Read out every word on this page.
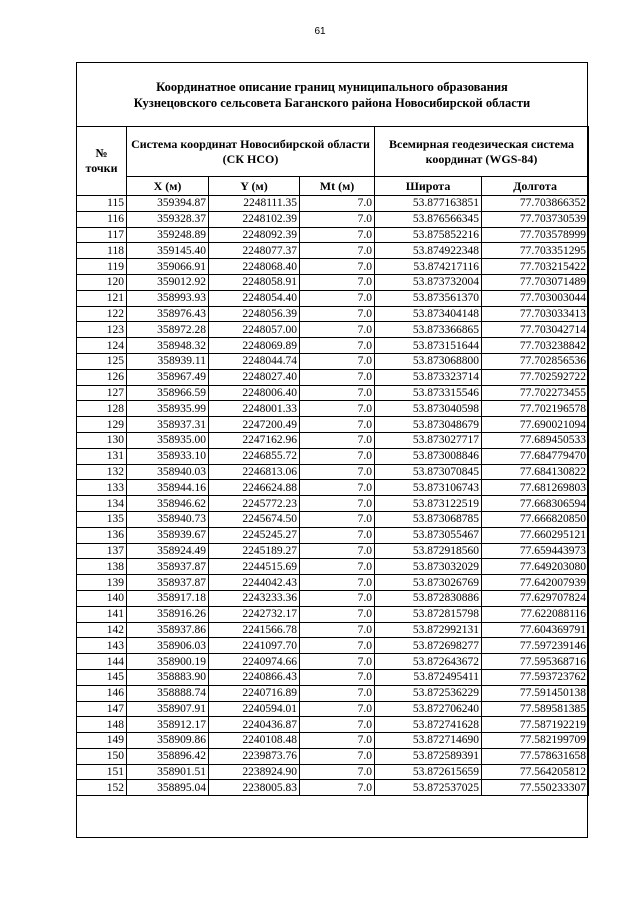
61
Координатное описание границ муниципального образования
Кузнецовского сельсовета Баганского района Новосибирской области
№ точки	Система координат Новосибирской области (СК НСО)			Всемирная геодезическая система координат (WGS-84)	
	X (м)	Y (м)	Mt (м)	Широта	Долгота
115	359394.87	2248111.35	7.0	53.877163851	77.703866352
116	359328.37	2248102.39	7.0	53.876566345	77.703730539
117	359248.89	2248092.39	7.0	53.875852216	77.703578999
118	359145.40	2248077.37	7.0	53.874922348	77.703351295
119	359066.91	2248068.40	7.0	53.874217116	77.703215422
120	359012.92	2248058.91	7.0	53.873732004	77.703071489
121	358993.93	2248054.40	7.0	53.873561370	77.703003044
122	358976.43	2248056.39	7.0	53.873404148	77.703033413
123	358972.28	2248057.00	7.0	53.873366865	77.703042714
124	358948.32	2248069.89	7.0	53.873151644	77.703238842
125	358939.11	2248044.74	7.0	53.873068800	77.702856536
126	358967.49	2248027.40	7.0	53.873323714	77.702592722
127	358966.59	2248006.40	7.0	53.873315546	77.702273455
128	358935.99	2248001.33	7.0	53.873040598	77.702196578
129	358937.31	2247200.49	7.0	53.873048679	77.690021094
130	358935.00	2247162.96	7.0	53.873027717	77.689450533
131	358933.10	2246855.72	7.0	53.873008846	77.684779470
132	358940.03	2246813.06	7.0	53.873070845	77.684130822
133	358944.16	2246624.88	7.0	53.873106743	77.681269803
134	358946.62	2245772.23	7.0	53.873122519	77.668306594
135	358940.73	2245674.50	7.0	53.873068785	77.666820850
136	358939.67	2245245.27	7.0	53.873055467	77.660295121
137	358924.49	2245189.27	7.0	53.872918560	77.659443973
138	358937.87	2244515.69	7.0	53.873032029	77.649203080
139	358937.87	2244042.43	7.0	53.873026769	77.642007939
140	358917.18	2243233.36	7.0	53.872830886	77.629707824
141	358916.26	2242732.17	7.0	53.872815798	77.622088116
142	358937.86	2241566.78	7.0	53.872992131	77.604369791
143	358906.03	2241097.70	7.0	53.872698277	77.597239146
144	358900.19	2240974.66	7.0	53.872643672	77.595368716
145	358883.90	2240866.43	7.0	53.872495411	77.593723762
146	358888.74	2240716.89	7.0	53.872536229	77.591450138
147	358907.91	2240594.01	7.0	53.872706240	77.589581385
148	358912.17	2240436.87	7.0	53.872741628	77.587192219
149	358909.86	2240108.48	7.0	53.872714690	77.582199709
150	358896.42	2239873.76	7.0	53.872589391	77.578631658
151	358901.51	2238924.90	7.0	53.872615659	77.564205812
152	358895.04	2238005.83	7.0	53.872537025	77.550233307
